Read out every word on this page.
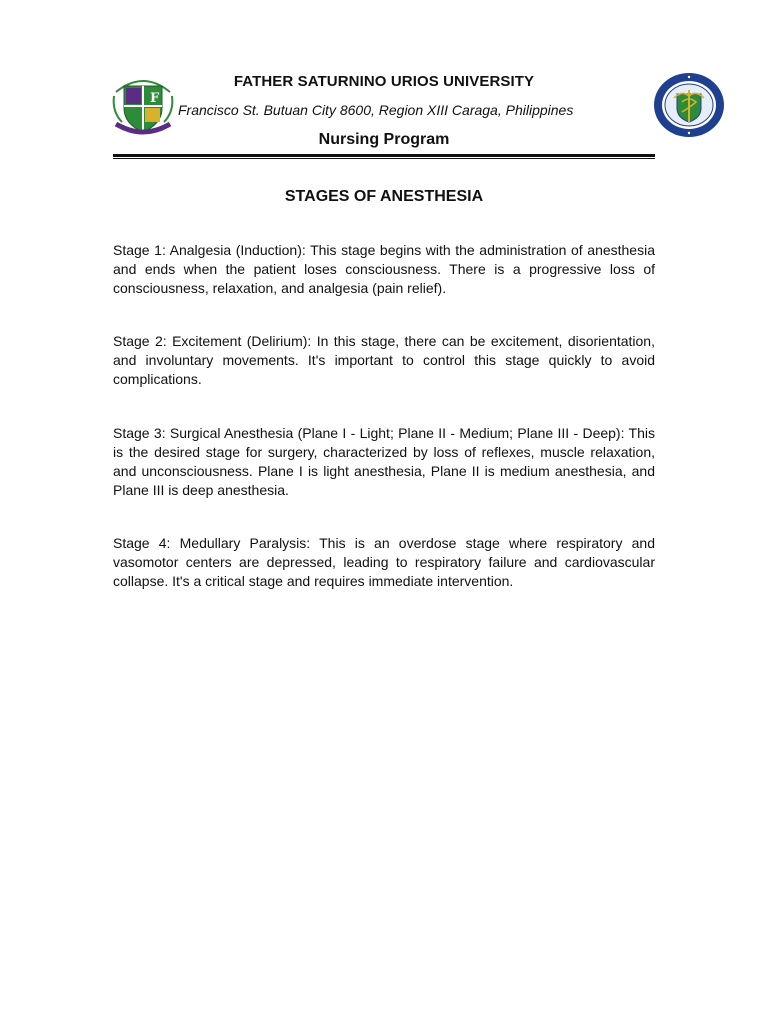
F
FATHER SATURNINO URIOS UNIVERSITY
Francisco St. Butuan City 8600, Region XIII Caraga, Philippines
Nursing Program
STAGES OF ANESTHESIA

Stage 1: Analgesia (Induction): This stage begins with the administration of anesthesia and ends when the patient loses consciousness. There is a progressive loss of consciousness, relaxation, and analgesia (pain relief).

Stage 2: Excitement (Delirium): In this stage, there can be excitement, disorientation, and involuntary movements. It's important to control this stage quickly to avoid complications.

Stage 3: Surgical Anesthesia (Plane I - Light; Plane II - Medium; Plane III - Deep): This is the desired stage for surgery, characterized by loss of reflexes, muscle relaxation, and unconsciousness. Plane I is light anesthesia, Plane II is medium anesthesia, and Plane III is deep anesthesia.

Stage 4: Medullary Paralysis: This is an overdose stage where respiratory and vasomotor centers are depressed, leading to respiratory failure and cardiovascular collapse. It's a critical stage and requires immediate intervention.
